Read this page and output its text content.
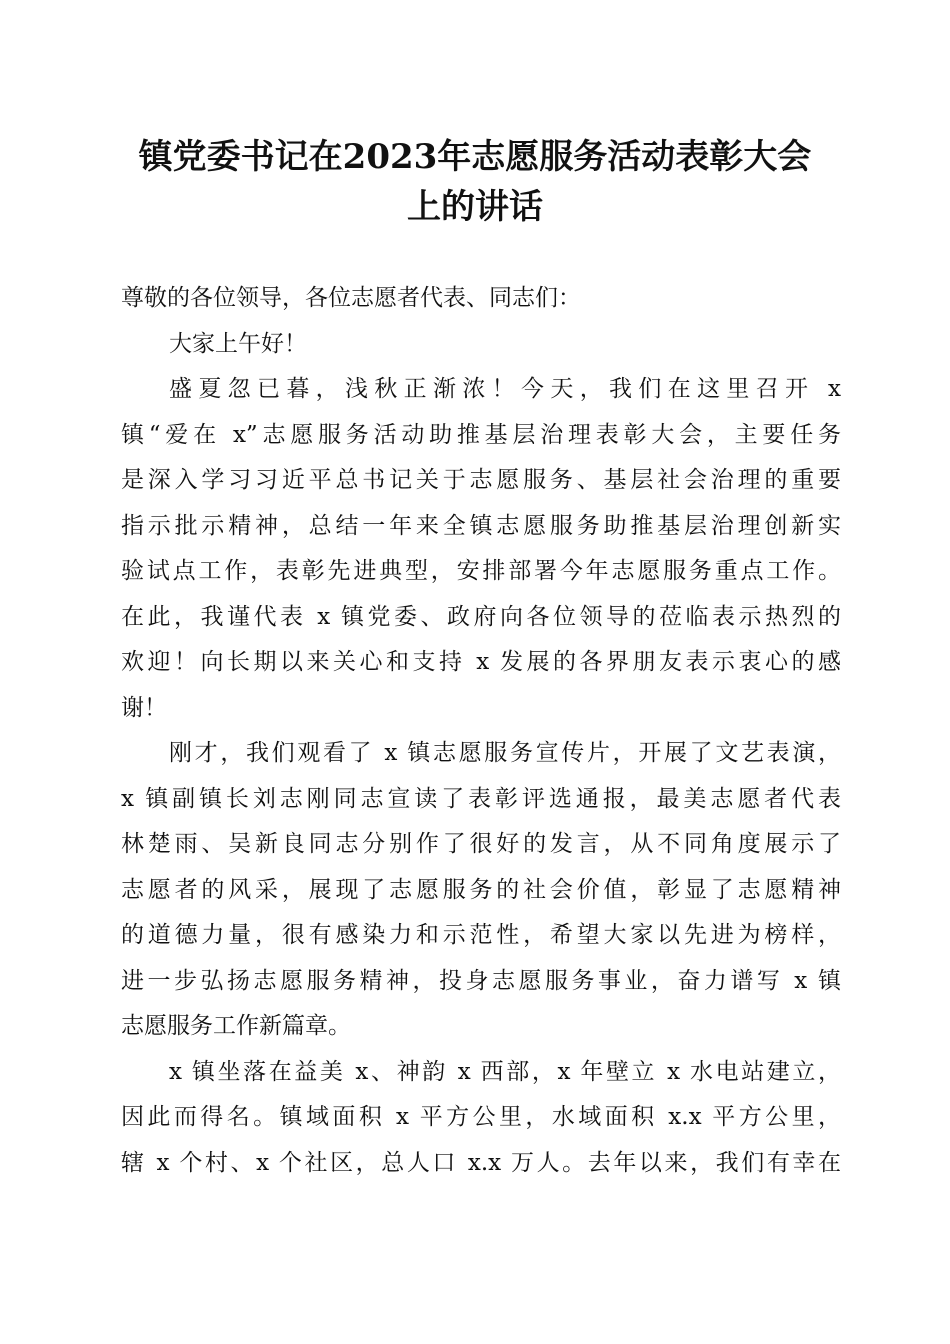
镇党委书记在2023年志愿服务活动表彰大会
上的讲话
尊敬的各位领导，各位志愿者代表、同志们：
大家上午好！
盛夏忽已暮，浅秋正渐浓！今天，我们在这里召开 x
镇“爱在 x”志愿服务活动助推基层治理表彰大会，主要任务
是深入学习习近平总书记关于志愿服务、基层社会治理的重要
指示批示精神，总结一年来全镇志愿服务助推基层治理创新实
验试点工作，表彰先进典型，安排部署今年志愿服务重点工作。
在此，我谨代表 x 镇党委、政府向各位领导的莅临表示热烈的
欢迎！向长期以来关心和支持 x 发展的各界朋友表示衷心的感
谢！
刚才，我们观看了 x 镇志愿服务宣传片，开展了文艺表演，
x 镇副镇长刘志刚同志宣读了表彰评选通报，最美志愿者代表
林楚雨、吴新良同志分别作了很好的发言，从不同角度展示了
志愿者的风采，展现了志愿服务的社会价值，彰显了志愿精神
的道德力量，很有感染力和示范性，希望大家以先进为榜样，
进一步弘扬志愿服务精神，投身志愿服务事业，奋力谱写 x 镇
志愿服务工作新篇章。
x 镇坐落在益美 x、神韵 x 西部，x 年壁立 x 水电站建立，
因此而得名。镇域面积 x 平方公里，水域面积 x.x 平方公里，
辖 x 个村、x 个社区，总人口 x.x 万人。去年以来，我们有幸在
